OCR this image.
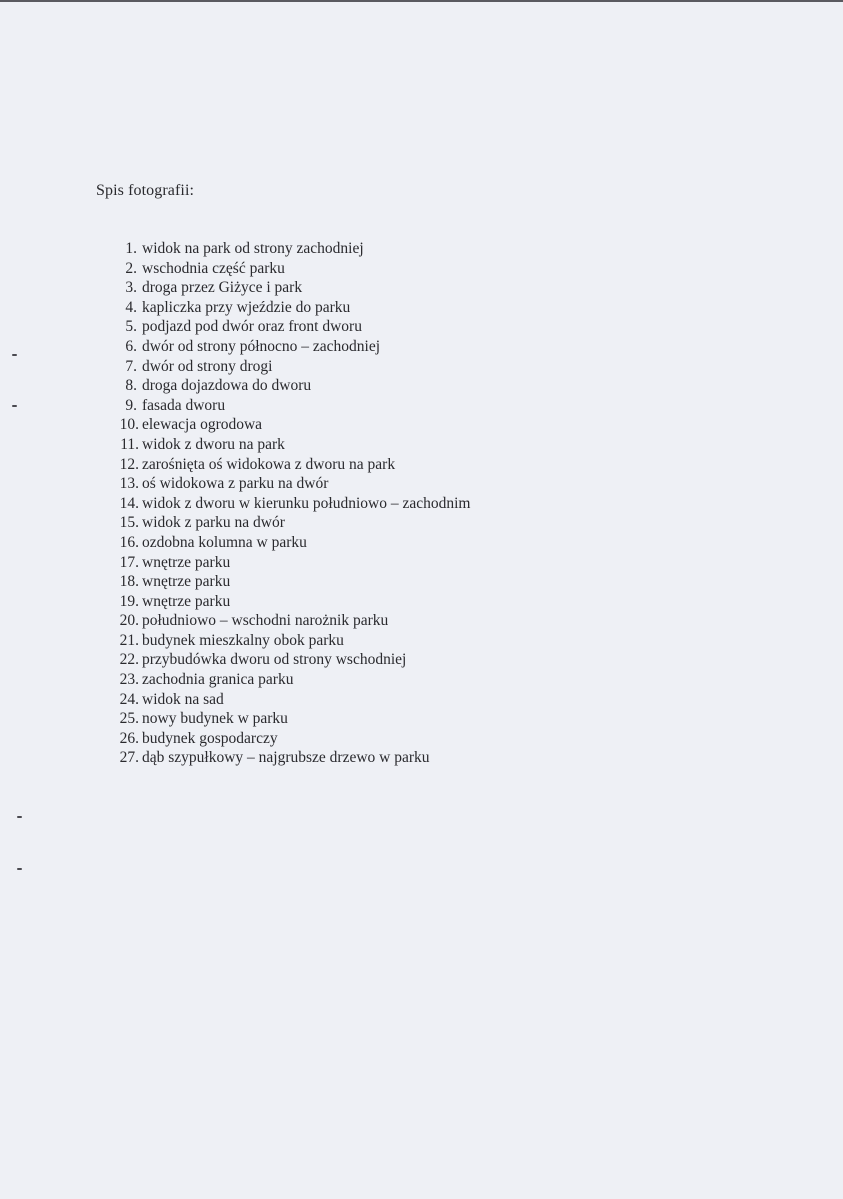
Spis fotografii:
1. widok na park od strony zachodniej
2. wschodnia część parku
3. droga przez Giżyce i park
4. kapliczka przy wjeździe do parku
5. podjazd pod dwór oraz front dworu
6. dwór od strony północno – zachodniej
7. dwór od strony drogi
8. droga dojazdowa do dworu
9. fasada dworu
10. elewacja ogrodowa
11. widok z dworu na park
12. zarośnięta oś widokowa z dworu na park
13. oś widokowa z parku na dwór
14. widok z dworu w kierunku południowo – zachodnim
15. widok z parku na dwór
16. ozdobna kolumna w parku
17. wnętrze parku
18. wnętrze parku
19. wnętrze parku
20. południowo – wschodni narożnik parku
21. budynek mieszkalny obok parku
22. przybudówka dworu od strony wschodniej
23. zachodnia granica parku
24. widok na sad
25. nowy budynek w parku
26. budynek gospodarczy
27. dąb szypułkowy – najgrubsze drzewo w parku
